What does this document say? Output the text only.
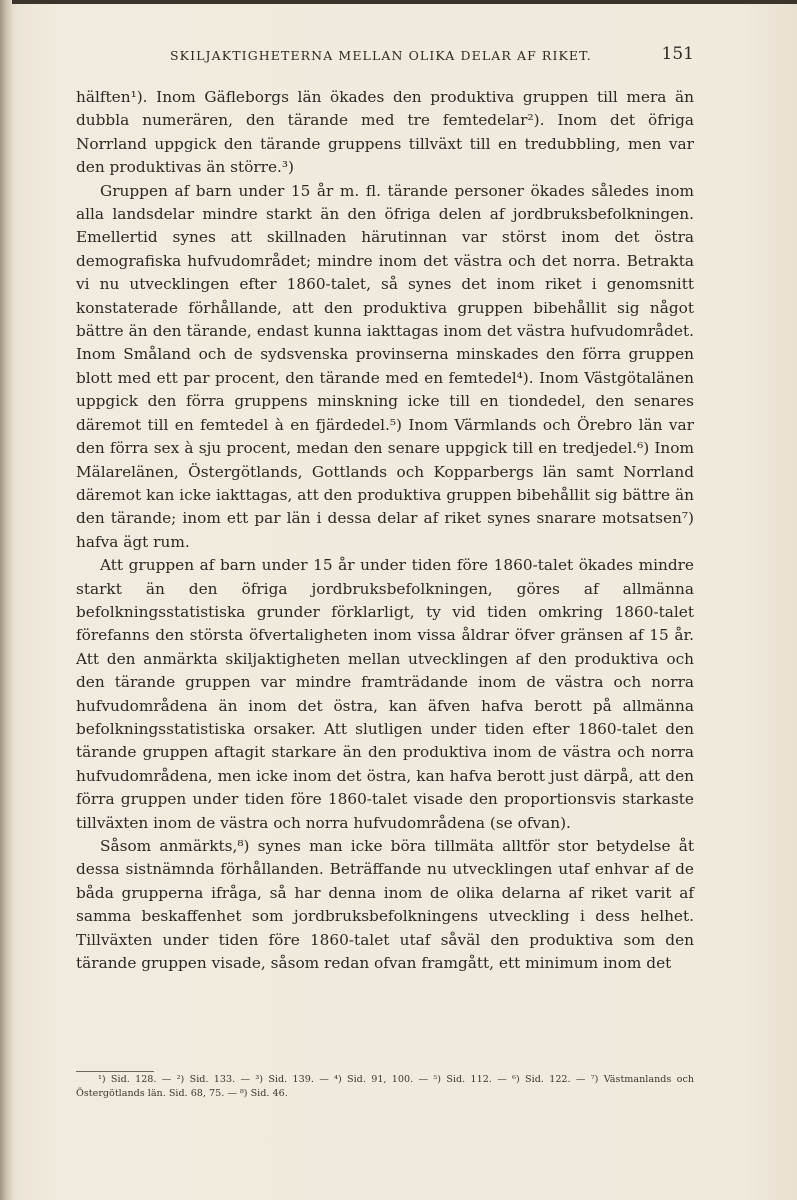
SKILJAKTIGHETERNA MELLAN OLIKA DELAR AF RIKET.	151

hälften¹). Inom Gäfleborgs län ökades den produktiva gruppen till mera än dubbla numerären, den tärande med tre femtedelar²). Inom det öfriga Norrland uppgick den tärande gruppens tillväxt till en tredubbling, men var den produktivas än större.³)

Gruppen af barn under 15 år m. fl. tärande personer ökades således inom alla landsdelar mindre starkt än den öfriga delen af jordbruksbefolkningen. Emellertid synes att skillnaden härutinnan var störst inom det östra demografiska hufvudområdet; mindre inom det västra och det norra. Betrakta vi nu utvecklingen efter 1860-talet, så synes det inom riket i genomsnitt konstaterade förhållande, att den produktiva gruppen bibehållit sig något bättre än den tärande, endast kunna iakttagas inom det västra hufvudområdet. Inom Småland och de sydsvenska provinserna minskades den förra gruppen blott med ett par procent, den tärande med en femtedel⁴). Inom Västgötalänen uppgick den förra gruppens minskning icke till en tiondedel, den senares däremot till en femtedel à en fjärdedel.⁵) Inom Värmlands och Örebro län var den förra sex à sju procent, medan den senare uppgick till en tredjedel.⁶) Inom Mälarelänen, Östergötlands, Gottlands och Kopparbergs län samt Norrland däremot kan icke iakttagas, att den produktiva gruppen bibehållit sig bättre än den tärande; inom ett par län i dessa delar af riket synes snarare motsatsen⁷) hafva ägt rum.

Att gruppen af barn under 15 år under tiden före 1860-talet ökades mindre starkt än den öfriga jordbruksbefolkningen, göres af allmänna befolkningsstatistiska grunder förklarligt, ty vid tiden omkring 1860-talet förefanns den största öfvertaligheten inom vissa åldrar öfver gränsen af 15 år. Att den anmärkta skiljaktigheten mellan utvecklingen af den produktiva och den tärande gruppen var mindre framträdande inom de västra och norra hufvudområdena än inom det östra, kan äfven hafva berott på allmänna befolkningsstatistiska orsaker. Att slutligen under tiden efter 1860-talet den tärande gruppen aftagit starkare än den produktiva inom de västra och norra hufvudområdena, men icke inom det östra, kan hafva berott just därpå, att den förra gruppen under tiden före 1860-talet visade den proportionsvis starkaste tillväxten inom de västra och norra hufvudområdena (se ofvan).

Såsom anmärkts,⁸) synes man icke böra tillmäta alltför stor betydelse åt dessa sistnämnda förhållanden. Beträffande nu utvecklingen utaf enhvar af de båda grupperna ifråga, så har denna inom de olika delarna af riket varit af samma beskaffenhet som jordbruksbefolkningens utveckling i dess helhet. Tillväxten under tiden före 1860-talet utaf såväl den produktiva som den tärande gruppen visade, såsom redan ofvan framgått, ett minimum inom det

¹) Sid. 128. — ²) Sid. 133. — ³) Sid. 139. — ⁴) Sid. 91, 100. — ⁵) Sid. 112. — ⁶) Sid. 122. — ⁷) Västmanlands och Östergötlands län. Sid. 68, 75. — ⁸) Sid. 46.
